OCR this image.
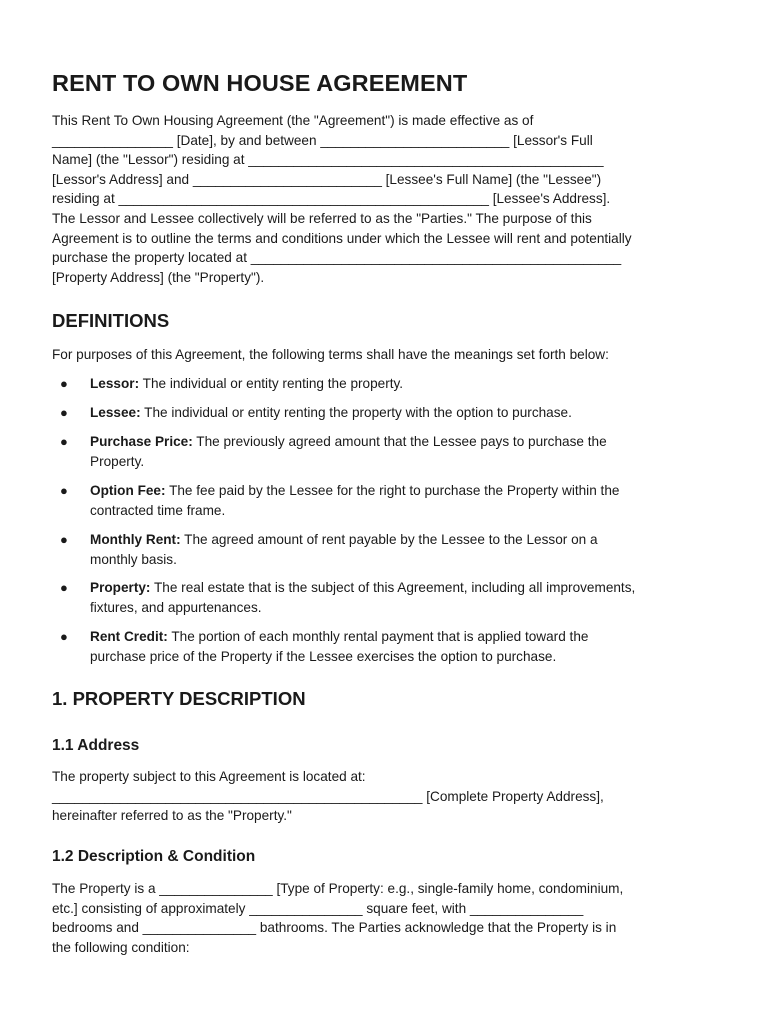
RENT TO OWN HOUSE AGREEMENT
This Rent To Own Housing Agreement (the "Agreement") is made effective as of
________________ [Date], by and between _________________________ [Lessor's Full
Name] (the "Lessor") residing at _______________________________________________
[Lessor's Address] and _________________________ [Lessee's Full Name] (the "Lessee")
residing at _________________________________________________ [Lessee's Address].
The Lessor and Lessee collectively will be referred to as the "Parties." The purpose of this
Agreement is to outline the terms and conditions under which the Lessee will rent and potentially
purchase the property located at _________________________________________________
[Property Address] (the "Property").
DEFINITIONS
For purposes of this Agreement, the following terms shall have the meanings set forth below:
● Lessor: The individual or entity renting the property.
● Lessee: The individual or entity renting the property with the option to purchase.
● Purchase Price: The previously agreed amount that the Lessee pays to purchase the
Property.
● Option Fee: The fee paid by the Lessee for the right to purchase the Property within the
contracted time frame.
● Monthly Rent: The agreed amount of rent payable by the Lessee to the Lessor on a
monthly basis.
● Property: The real estate that is the subject of this Agreement, including all improvements,
fixtures, and appurtenances.
● Rent Credit: The portion of each monthly rental payment that is applied toward the
purchase price of the Property if the Lessee exercises the option to purchase.
1. PROPERTY DESCRIPTION
1.1 Address
The property subject to this Agreement is located at:
_________________________________________________ [Complete Property Address],
hereinafter referred to as the "Property."
1.2 Description & Condition
The Property is a _______________ [Type of Property: e.g., single-family home, condominium,
etc.] consisting of approximately _______________ square feet, with _______________
bedrooms and _______________ bathrooms. The Parties acknowledge that the Property is in
the following condition:
